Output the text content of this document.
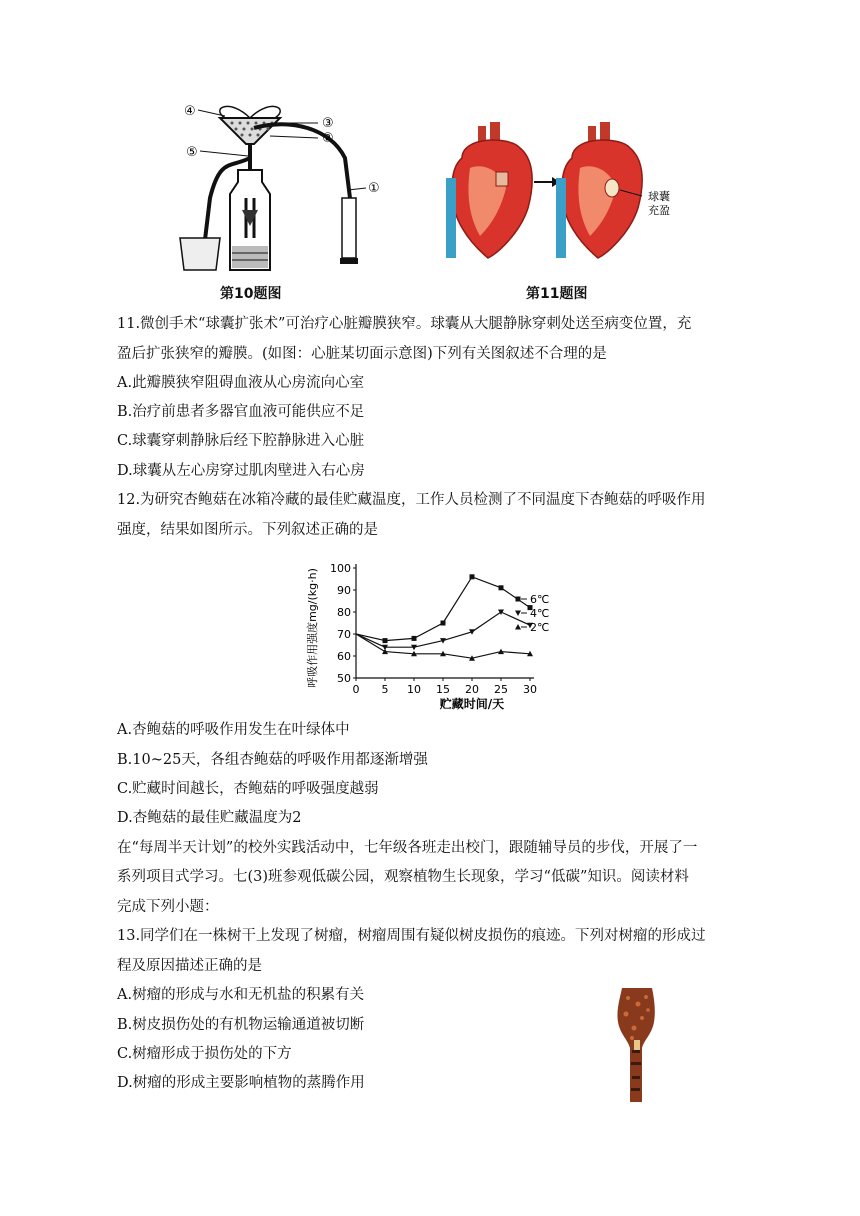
④
③
②
⑤
①
第10题图
球囊
充盈
第11题图
11.微创手术“球囊扩张术”可治疗心脏瓣膜狭窄。球囊从大腿静脉穿刺处送至病变位置，充
盈后扩张狭窄的瓣膜。(如图：心脏某切面示意图)下列有关图叙述不合理的是
A.此瓣膜狭窄阻碍血液从心房流向心室
B.治疗前患者多器官血液可能供应不足
C.球囊穿刺静脉后经下腔静脉进入心脏
D.球囊从左心房穿过肌肉壁进入右心房
12.为研究杏鲍菇在冰箱冷藏的最佳贮藏温度，工作人员检测了不同温度下杏鲍菇的呼吸作用
强度，结果如图所示。下列叙述正确的是
呼吸作用强度mg/(kg·h)
贮藏时间/天
50
60
70
80
90
100
0 5 10 15 20 25 30
6℃
4℃
2℃
A.杏鲍菇的呼吸作用发生在叶绿体中
B.10~25天，各组杏鲍菇的呼吸作用都逐渐增强
C.贮藏时间越长，杏鲍菇的呼吸强度越弱
D.杏鲍菇的最佳贮藏温度为2
在“每周半天计划”的校外实践活动中，七年级各班走出校门，跟随辅导员的步伐，开展了一
系列项目式学习。七(3)班参观低碳公园，观察植物生长现象，学习“低碳”知识。阅读材料
完成下列小题：
13.同学们在一株树干上发现了树瘤，树瘤周围有疑似树皮损伤的痕迹。下列对树瘤的形成过
程及原因描述正确的是
A.树瘤的形成与水和无机盐的积累有关
B.树皮损伤处的有机物运输通道被切断
C.树瘤形成于损伤处的下方
D.树瘤的形成主要影响植物的蒸腾作用
